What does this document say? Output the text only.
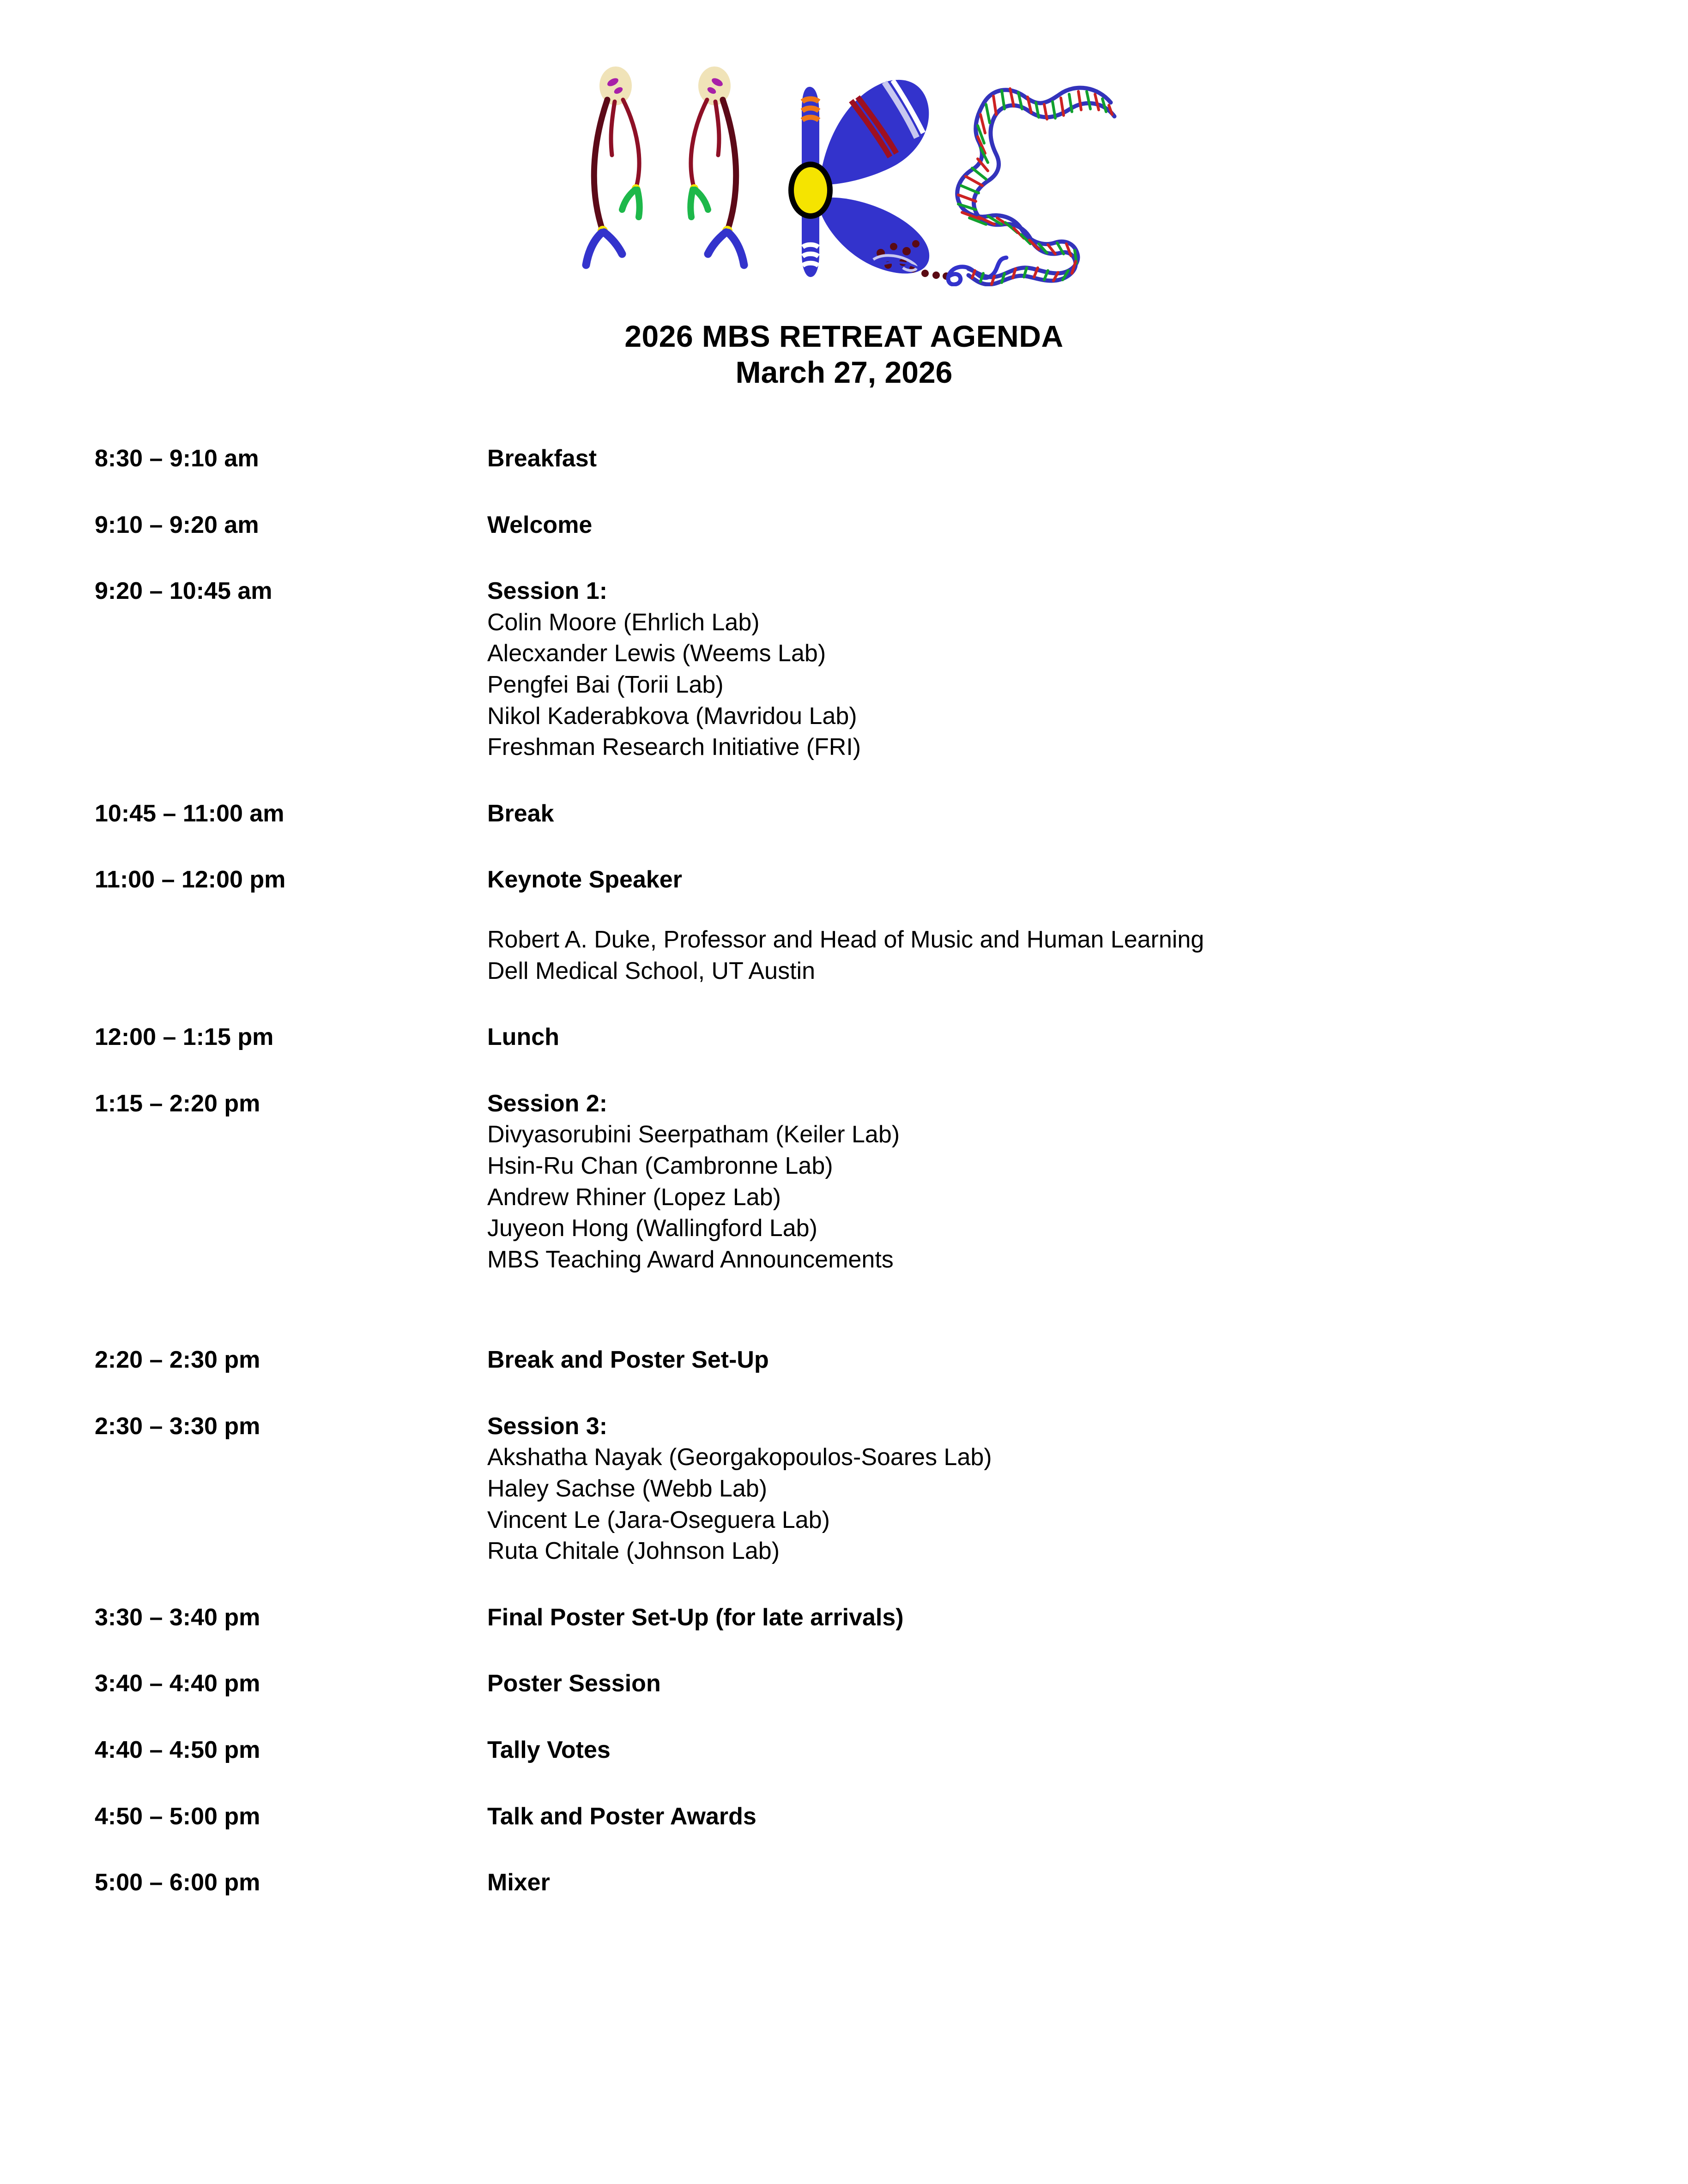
2026 MBS RETREAT AGENDA
March 27, 2026
8:30 – 9:10 am	Breakfast
9:10 – 9:20 am	Welcome
9:20 – 10:45 am	Session 1:
Colin Moore (Ehrlich Lab)
Alecxander Lewis (Weems Lab)
Pengfei Bai (Torii Lab)
Nikol Kaderabkova (Mavridou Lab)
Freshman Research Initiative (FRI)
10:45 – 11:00 am	Break
11:00 – 12:00 pm	Keynote Speaker
Robert A. Duke, Professor and Head of Music and Human Learning
Dell Medical School, UT Austin
12:00 – 1:15 pm	Lunch
1:15 – 2:20 pm	Session 2:
Divyasorubini Seerpatham (Keiler Lab)
Hsin-Ru Chan (Cambronne Lab)
Andrew Rhiner (Lopez Lab)
Juyeon Hong (Wallingford Lab)
MBS Teaching Award Announcements
2:20 – 2:30 pm	Break and Poster Set-Up
2:30 – 3:30 pm	Session 3:
Akshatha Nayak (Georgakopoulos-Soares Lab)
Haley Sachse (Webb Lab)
Vincent Le (Jara-Oseguera Lab)
Ruta Chitale (Johnson Lab)
3:30 – 3:40 pm	Final Poster Set-Up (for late arrivals)
3:40 – 4:40 pm	Poster Session
4:40 – 4:50 pm	Tally Votes
4:50 – 5:00 pm	Talk and Poster Awards
5:00 – 6:00 pm	Mixer
